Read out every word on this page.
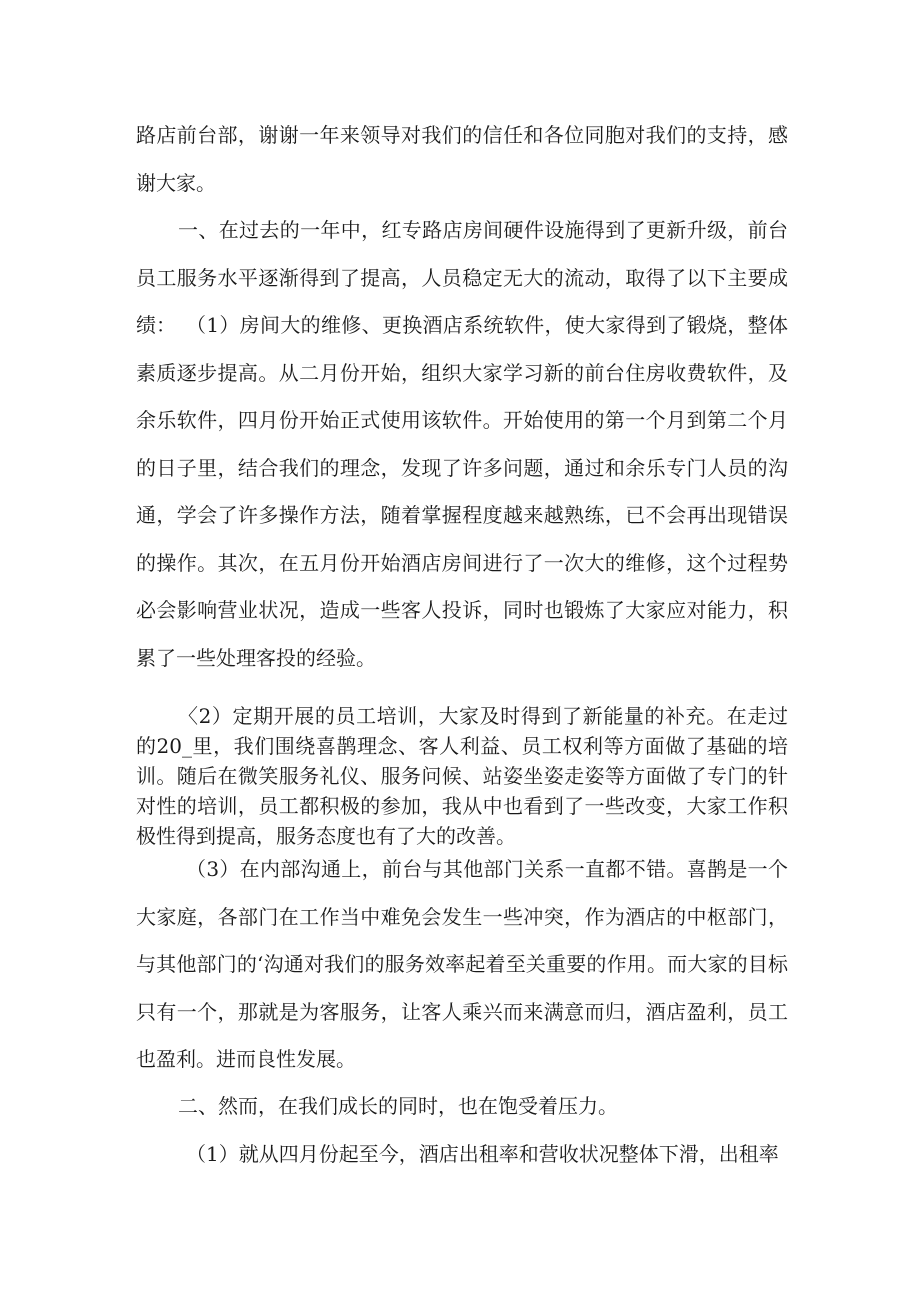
路店前台部，谢谢一年来领导对我们的信任和各位同胞对我们的支持，感谢大家。

一、在过去的一年中，红专路店房间硬件设施得到了更新升级，前台员工服务水平逐渐得到了提高，人员稳定无大的流动，取得了以下主要成绩： （1）房间大的维修、更换酒店系统软件，使大家得到了锻烧，整体素质逐步提高。从二月份开始，组织大家学习新的前台住房收费软件，及余乐软件，四月份开始正式使用该软件。开始使用的第一个月到第二个月的日子里，结合我们的理念，发现了许多问题，通过和余乐专门人员的沟通，学会了许多操作方法，随着掌握程度越来越熟练，已不会再出现错误的操作。其次，在五月份开始酒店房间进行了一次大的维修，这个过程势必会影响营业状况，造成一些客人投诉，同时也锻炼了大家应对能力，积累了一些处理客投的经验。

〈2）定期开展的员工培训，大家及时得到了新能量的补充。在走过的20_里，我们围绕喜鹊理念、客人利益、员工权利等方面做了基础的培训。随后在微笑服务礼仪、服务问候、站姿坐姿走姿等方面做了专门的针对性的培训，员工都积极的参加，我从中也看到了一些改变，大家工作积极性得到提高，服务态度也有了大的改善。

（3）在内部沟通上，前台与其他部门关系一直都不错。喜鹊是一个大家庭，各部门在工作当中难免会发生一些冲突，作为酒店的中枢部门，与其他部门的‘沟通对我们的服务效率起着至关重要的作用。而大家的目标只有一个，那就是为客服务，让客人乘兴而来满意而归，酒店盈利，员工也盈利。进而良性发展。

二、然而，在我们成长的同时，也在饱受着压力。

（1）就从四月份起至今，酒店出租率和营收状况整体下滑，出租率
